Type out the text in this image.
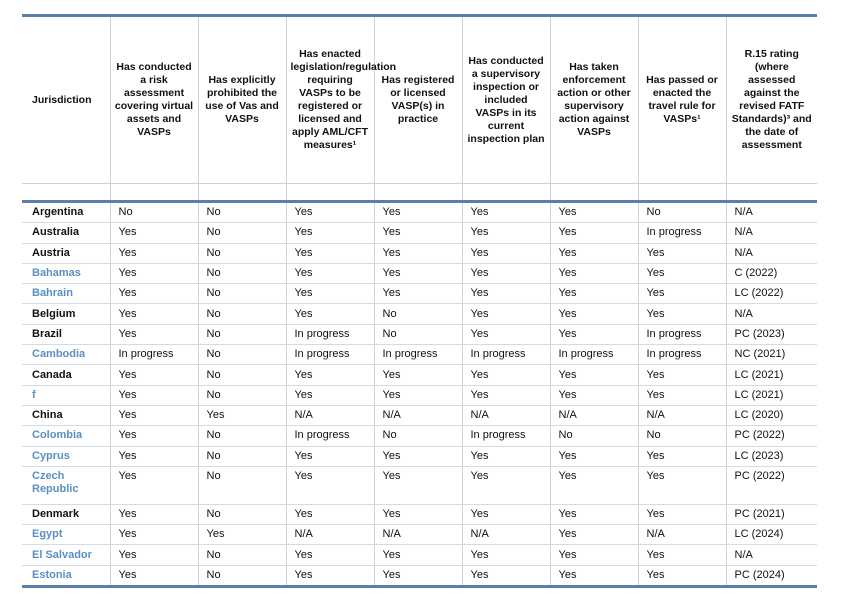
Jurisdiction	Has conducted a risk assessment covering virtual assets and VASPs	Has explicitly prohibited the use of Vas and VASPs	Has enacted legislation/regulation requiring VASPs to be registered or licensed and apply AML/CFT measures¹	Has registered or licensed VASP(s) in practice	Has conducted a supervisory inspection or included VASPs in its current inspection plan	Has taken enforcement action or other supervisory action against VASPs	Has passed or enacted the travel rule for VASPs¹	R.15 rating (where assessed against the revised FATF Standards)³ and the date of assessment

Argentina	No	No	Yes	Yes	Yes	Yes	No	N/A
Australia	Yes	No	Yes	Yes	Yes	Yes	In progress	N/A
Austria	Yes	No	Yes	Yes	Yes	Yes	Yes	N/A
Bahamas	Yes	No	Yes	Yes	Yes	Yes	Yes	C (2022)
Bahrain	Yes	No	Yes	Yes	Yes	Yes	Yes	LC (2022)
Belgium	Yes	No	Yes	No	Yes	Yes	Yes	N/A
Brazil	Yes	No	In progress	No	Yes	Yes	In progress	PC (2023)
Cambodia	In progress	No	In progress	In progress	In progress	In progress	In progress	NC (2021)
Canada	Yes	No	Yes	Yes	Yes	Yes	Yes	LC (2021)
f	Yes	No	Yes	Yes	Yes	Yes	Yes	LC (2021)
China	Yes	Yes	N/A	N/A	N/A	N/A	N/A	LC (2020)
Colombia	Yes	No	In progress	No	In progress	No	No	PC (2022)
Cyprus	Yes	No	Yes	Yes	Yes	Yes	Yes	LC (2023)
Czech Republic	Yes	No	Yes	Yes	Yes	Yes	Yes	PC (2022)
Denmark	Yes	No	Yes	Yes	Yes	Yes	Yes	PC (2021)
Egypt	Yes	Yes	N/A	N/A	N/A	Yes	N/A	LC (2024)
El Salvador	Yes	No	Yes	Yes	Yes	Yes	Yes	N/A
Estonia	Yes	No	Yes	Yes	Yes	Yes	Yes	PC (2024)
